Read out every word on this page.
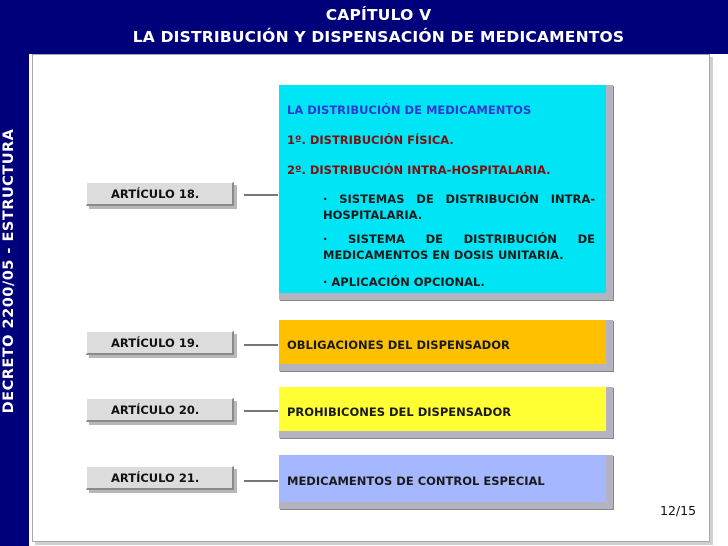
CAPÍTULO V
LA DISTRIBUCIÓN Y DISPENSACIÓN DE MEDICAMENTOS
DECRETO 2200/05 - ESTRUCTURA	ARTÍCULO 18.
LA DISTRIBUCIÓN DE MEDICAMENTOS
1º. DISTRIBUCIÓN FÍSICA.
2º. DISTRIBUCIÓN INTRA-HOSPITALARIA.
· SISTEMAS DE DISTRIBUCIÓN INTRA-HOSPITALARIA.
· SISTEMA DE DISTRIBUCIÓN DE MEDICAMENTOS EN DOSIS UNITARIA.
· APLICACIÓN OPCIONAL.
ARTÍCULO 19.	OBLIGACIONES DEL DISPENSADOR
ARTÍCULO 20.	PROHIBICONES DEL DISPENSADOR
ARTÍCULO 21.	MEDICAMENTOS DE CONTROL ESPECIAL
12/15
